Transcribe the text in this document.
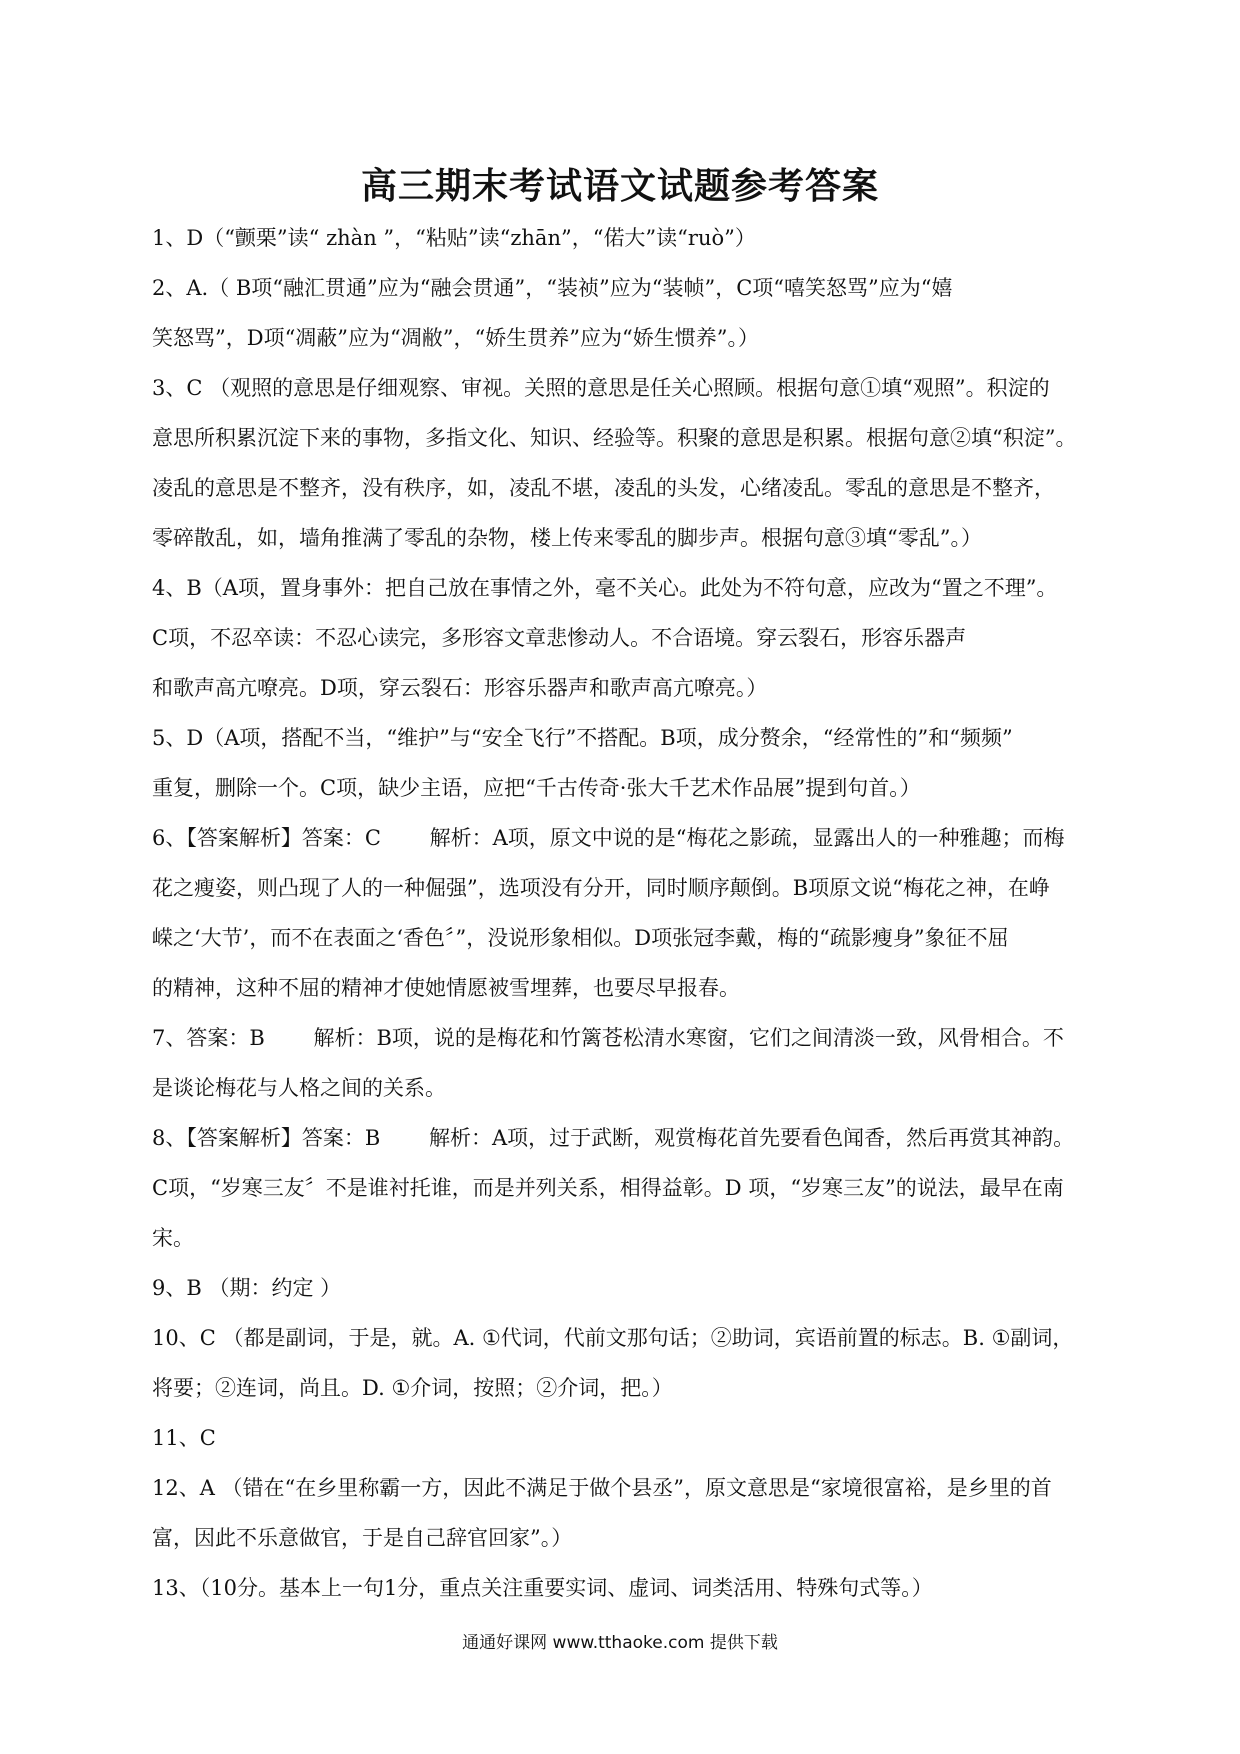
高三期末考试语文试题参考答案
1、D（“颤栗”读“ zhàn ”，“粘贴”读“zhān”，“偌大”读“ruò”）
2、A.（ B项“融汇贯通”应为“融会贯通”，“装祯”应为“装帧”，C项“嘻笑怒骂”应为“嬉
笑怒骂”，D项“凋蔽”应为“凋敝”，“娇生贯养”应为“娇生惯养”。）
3、C （观照的意思是仔细观察、审视。关照的意思是任关心照顾。根据句意①填“观照”。积淀的
意思所积累沉淀下来的事物，多指文化、知识、经验等。积聚的意思是积累。根据句意②填“积淀”。
凌乱的意思是不整齐，没有秩序，如，凌乱不堪，凌乱的头发，心绪凌乱。零乱的意思是不整齐，
零碎散乱，如，墙角推满了零乱的杂物，楼上传来零乱的脚步声。根据句意③填“零乱”。）
4、B（A项，置身事外：把自己放在事情之外，毫不关心。此处为不符句意，应改为“置之不理”。
C项，不忍卒读：不忍心读完，多形容文章悲惨动人。不合语境。穿云裂石，形容乐器声
和歌声高亢嘹亮。D项，穿云裂石：形容乐器声和歌声高亢嘹亮。）
5、D（A项，搭配不当，“维护”与“安全飞行”不搭配。B项，成分赘余，“经常性的”和“频频”
重复，删除一个。C项，缺少主语，应把“千古传奇·张大千艺术作品展”提到句首。）
6、【答案解析】答案：C 　　解析：A项，原文中说的是“梅花之影疏，显露出人的一种雅趣；而梅
花之瘦姿，则凸现了人的一种倔强”，选项没有分开，同时顺序颠倒。B项原文说“梅花之神，在峥
嵘之‘大节’，而不在表面之‘香色〞”，没说形象相似。D项张冠李戴，梅的“疏影瘦身”象征不屈
的精神，这种不屈的精神才使她情愿被雪埋葬，也要尽早报春。
7、答案：B 　　解析：B项，说的是梅花和竹篱苍松清水寒窗，它们之间清淡一致，风骨相合。不
是谈论梅花与人格之间的关系。
8、【答案解析】答案：B 　　解析：A项，过于武断，观赏梅花首先要看色闻香，然后再赏其神韵。
C项，“岁寒三友〞不是谁衬托谁，而是并列关系，相得益彰。D 项，“岁寒三友”的说法，最早在南
宋。
9、B （期：约定 ）
10、C （都是副词，于是，就。A. ①代词，代前文那句话；②助词，宾语前置的标志。B. ①副词，
将要；②连词，尚且。D. ①介词，按照；②介词，把。）
11、C
12、A （错在“在乡里称霸一方，因此不满足于做个县丞”，原文意思是“家境很富裕，是乡里的首
富，因此不乐意做官，于是自己辞官回家”。）
13、（10分。基本上一句1分，重点关注重要实词、虚词、词类活用、特殊句式等。）
通通好课网 www.tthaoke.com 提供下载
